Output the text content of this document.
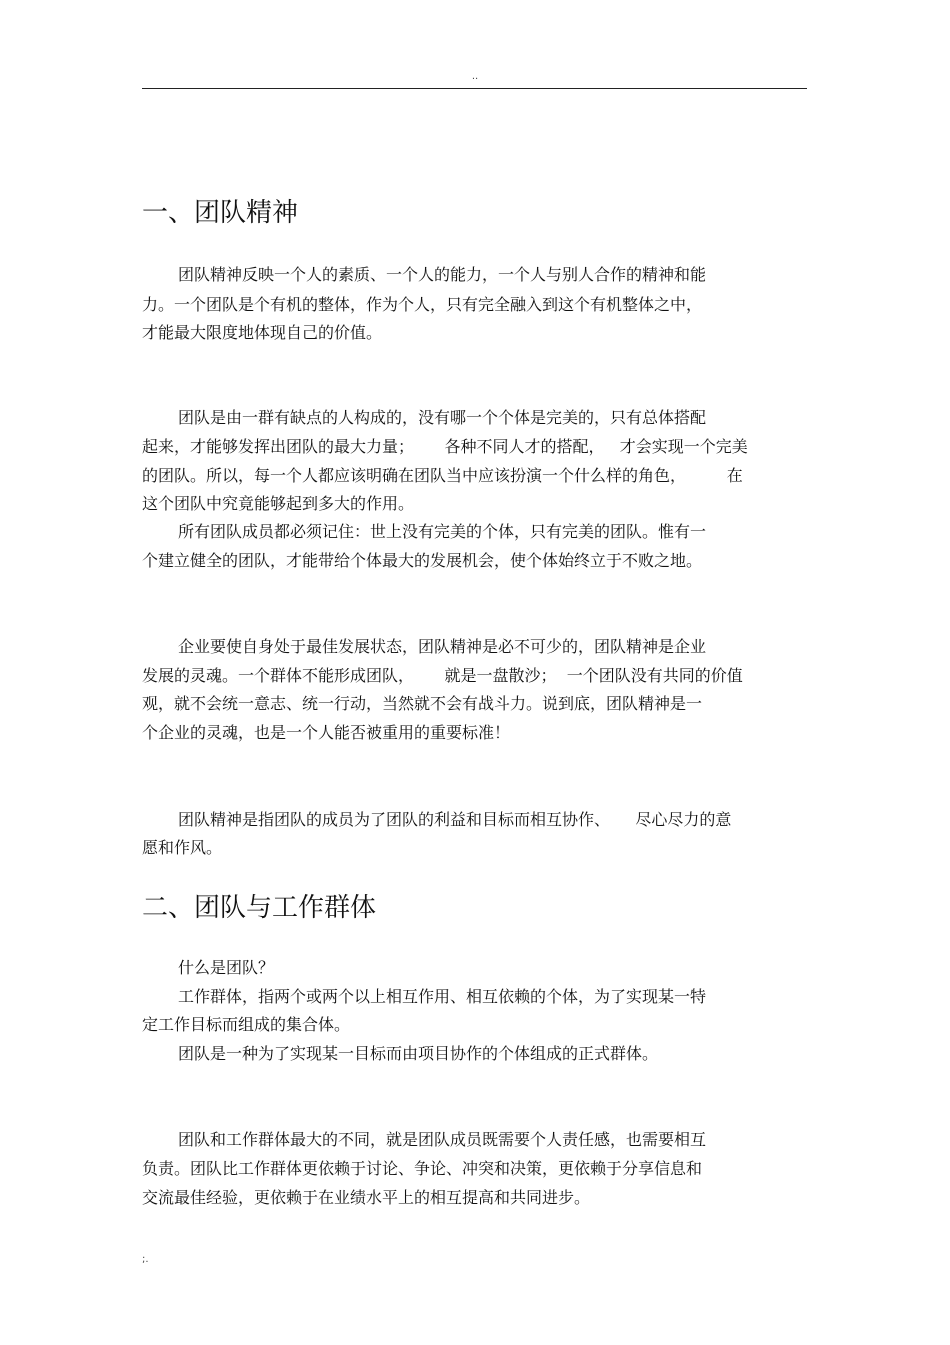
..
一、团队精神

团队精神反映一个人的素质、一个人的能力，一个人与别人合作的精神和能

力。一个团队是个有机的整体，作为个人，只有完全融入到这个有机整体之中，

才能最大限度地体现自己的价值。

团队是由一群有缺点的人构成的，没有哪一个个体是完美的，只有总体搭配

起来，才能够发挥出团队的最大力量；      各种不同人才的搭配，   才会实现一个完美

的团队。所以，每一个人都应该明确在团队当中应该扮演一个什么样的角色，        在

这个团队中究竟能够起到多大的作用。

所有团队成员都必须记住：世上没有完美的个体，只有完美的团队。惟有一

个建立健全的团队，才能带给个体最大的发展机会，使个体始终立于不败之地。

企业要使自身处于最佳发展状态，团队精神是必不可少的，团队精神是企业

发展的灵魂。一个群体不能形成团队，      就是一盘散沙；  一个团队没有共同的价值

观，就不会统一意志、统一行动，当然就不会有战斗力。说到底，团队精神是一

个企业的灵魂，也是一个人能否被重用的重要标准！

团队精神是指团队的成员为了团队的利益和目标而相互协作、     尽心尽力的意

愿和作风。

二、团队与工作群体

什么是团队？

工作群体，指两个或两个以上相互作用、相互依赖的个体，为了实现某一特

定工作目标而组成的集合体。

团队是一种为了实现某一目标而由项目协作的个体组成的正式群体。

团队和工作群体最大的不同，就是团队成员既需要个人责任感，也需要相互

负责。团队比工作群体更依赖于讨论、争论、冲突和决策，更依赖于分享信息和

交流最佳经验，更依赖于在业绩水平上的相互提高和共同进步。

;.
